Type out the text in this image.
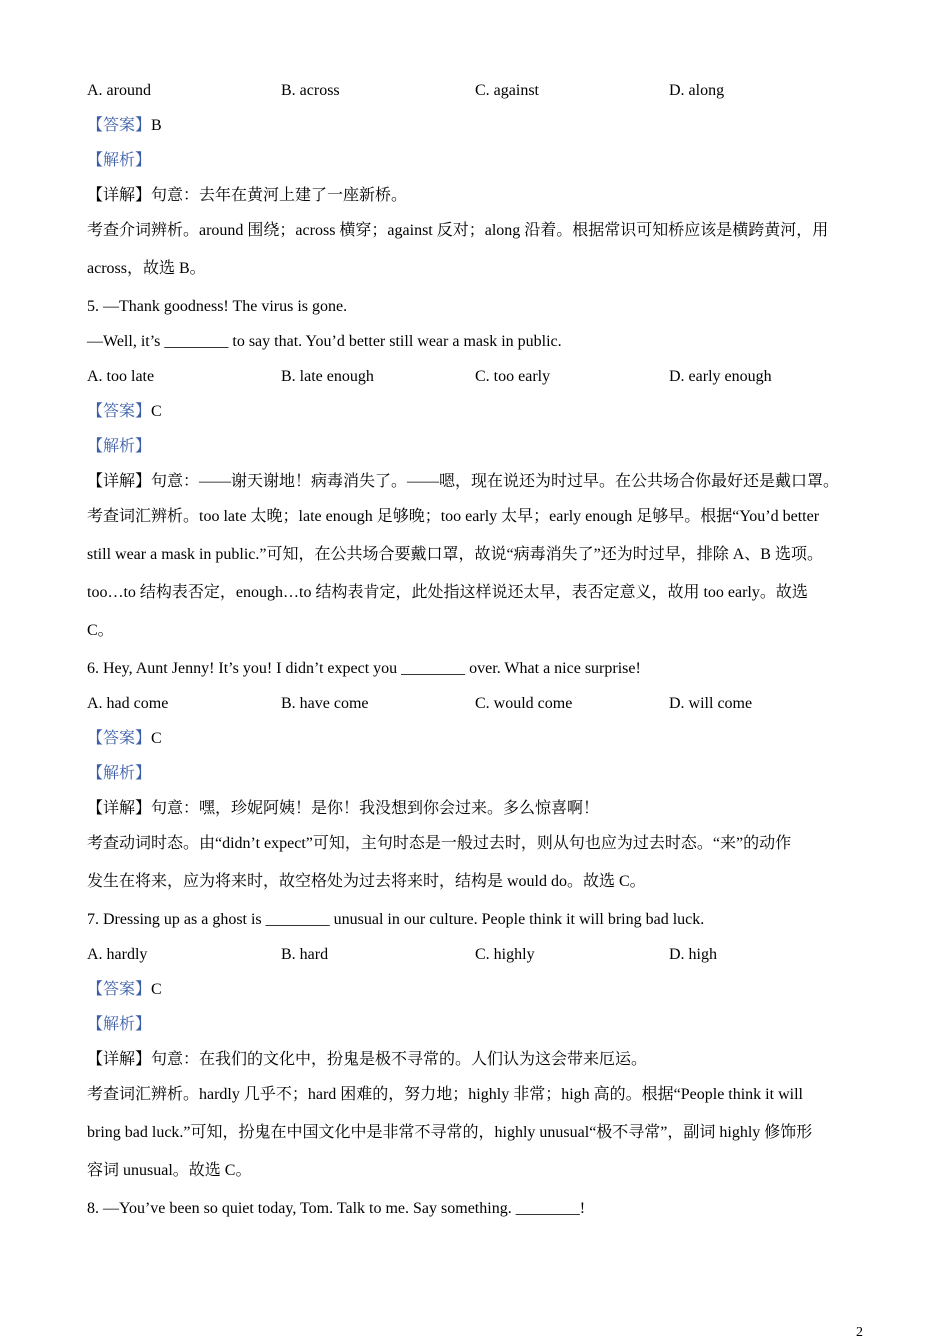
A. around	B. across	C. against	D. along
【答案】B
【解析】
【详解】句意：去年在黄河上建了一座新桥。
考查介词辨析。around 围绕；across 横穿；against 反对；along 沿着。根据常识可知桥应该是横跨黄河，用
across，故选 B。
5. —Thank goodness! The virus is gone.
—Well, it’s ________ to say that. You’d better still wear a mask in public.
A. too late	B. late enough	C. too early	D. early enough
【答案】C
【解析】
【详解】句意：——谢天谢地！病毒消失了。——嗯，现在说还为时过早。在公共场合你最好还是戴口罩。
考查词汇辨析。too late 太晚；late enough 足够晚；too early 太早；early enough 足够早。根据“You’d better
still wear a mask in public.”可知，在公共场合要戴口罩，故说“病毒消失了”还为时过早，排除 A、B 选项。
too…to 结构表否定，enough…to 结构表肯定，此处指这样说还太早，表否定意义，故用 too early。故选
C。
6. Hey, Aunt Jenny! It’s you! I didn’t expect you ________ over. What a nice surprise!
A. had come	B. have come	C. would come	D. will come
【答案】C
【解析】
【详解】句意：嘿，珍妮阿姨！是你！我没想到你会过来。多么惊喜啊！
考查动词时态。由“didn’t expect”可知，主句时态是一般过去时，则从句也应为过去时态。“来”的动作
发生在将来，应为将来时，故空格处为过去将来时，结构是 would do。故选 C。
7. Dressing up as a ghost is ________ unusual in our culture. People think it will bring bad luck.
A. hardly	B. hard	C. highly	D. high
【答案】C
【解析】
【详解】句意：在我们的文化中，扮鬼是极不寻常的。人们认为这会带来厄运。
考查词汇辨析。hardly 几乎不；hard 困难的，努力地；highly 非常；high 高的。根据“People think it will
bring bad luck.”可知，扮鬼在中国文化中是非常不寻常的，highly unusual“极不寻常”，副词 highly 修饰形
容词 unusual。故选 C。
8. —You’ve been so quiet today, Tom. Talk to me. Say something. ________!
2
